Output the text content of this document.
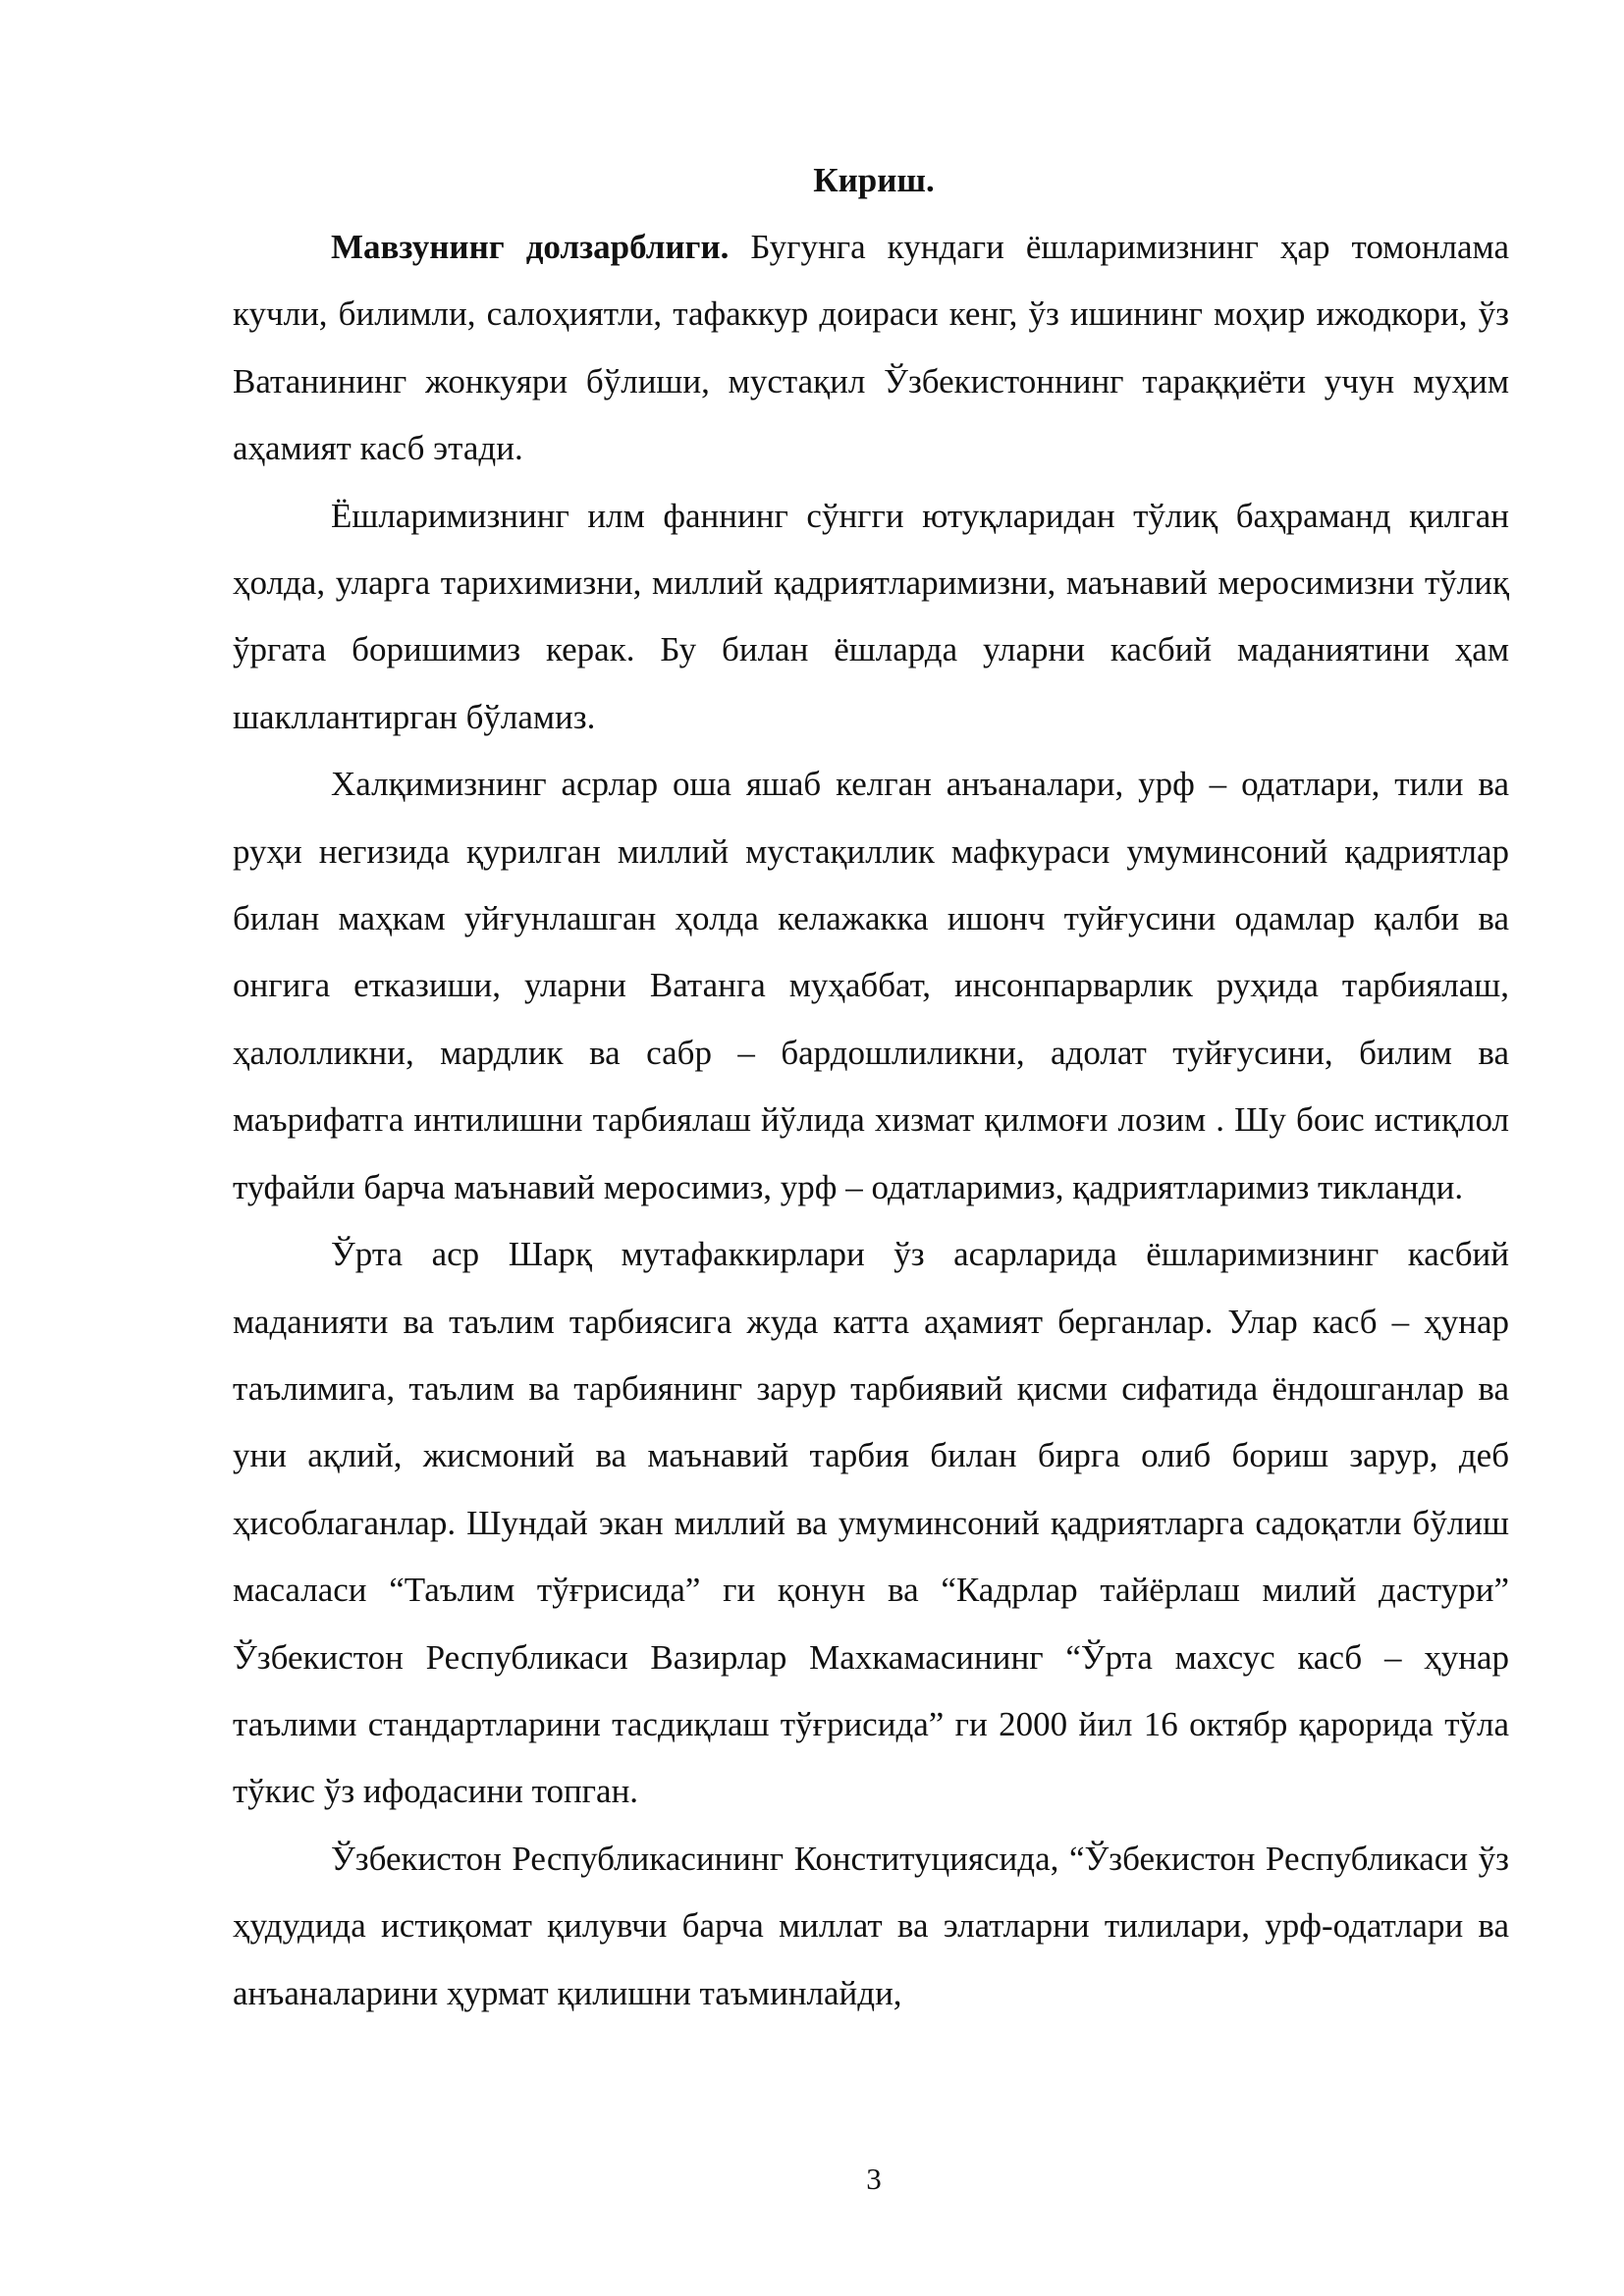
Кириш.

Мавзунинг долзарблиги. Бугунга кундаги ёшларимизнинг ҳар томонлама кучли, билимли, салоҳиятли, тафаккур доираси кенг, ўз ишининг моҳир ижодкори, ўз Ватанининг жонкуяри бўлиши, мустақил Ўзбекистоннинг тараққиёти учун муҳим аҳамият касб этади.

Ёшларимизнинг илм фаннинг сўнгги ютуқларидан тўлиқ баҳраманд қилган ҳолда, уларга тарихимизни, миллий қадриятларимизни, маънавий меросимизни тўлиқ ўргата боришимиз керак. Бу билан ёшларда уларни касбий маданиятини ҳам шакллантирган бўламиз.

Халқимизнинг асрлар оша яшаб келган анъаналари, урф – одатлари, тили ва руҳи негизида қурилган миллий мустақиллик мафкураси умуминсоний қадриятлар билан маҳкам уйғунлашган ҳолда келажакка ишонч туйғусини одамлар қалби ва онгига етказиши, уларни Ватанга муҳаббат, инсонпарварлик руҳида тарбиялаш, ҳалолликни, мардлик ва сабр – бардошлиликни, адолат туйғусини, билим ва маърифатга интилишни тарбиялаш йўлида хизмат қилмоғи лозим . Шу боис истиқлол туфайли барча маънавий меросимиз, урф – одатларимиз, қадриятларимиз тикланди.

Ўрта аср Шарқ мутафаккирлари ўз асарларида ёшларимизнинг касбий маданияти ва таълим тарбиясига жуда катта аҳамият берганлар. Улар касб – ҳунар таълимига, таълим ва тарбиянинг зарур тарбиявий қисми сифатида ёндошганлар ва уни ақлий, жисмоний ва маънавий тарбия билан бирга олиб бориш зарур, деб ҳисоблаганлар. Шундай экан миллий ва умуминсоний қадриятларга садоқатли бўлиш масаласи “Таълим тўғрисида” ги қонун ва “Кадрлар тайёрлаш милий дастури” Ўзбекистон Республикаси Вазирлар Махкамасининг “Ўрта махсус касб – ҳунар таълими стандартларини тасдиқлаш тўғрисида” ги 2000 йил 16 октябр қарорида тўла тўкис ўз ифодасини топган.

Ўзбекистон Республикасининг Конституциясида, “Ўзбекистон Республикаси ўз ҳудудида истиқомат қилувчи барча миллат ва элатларни тилилари, урф-одатлари ва анъаналарини ҳурмат қилишни таъминлайди,

3
